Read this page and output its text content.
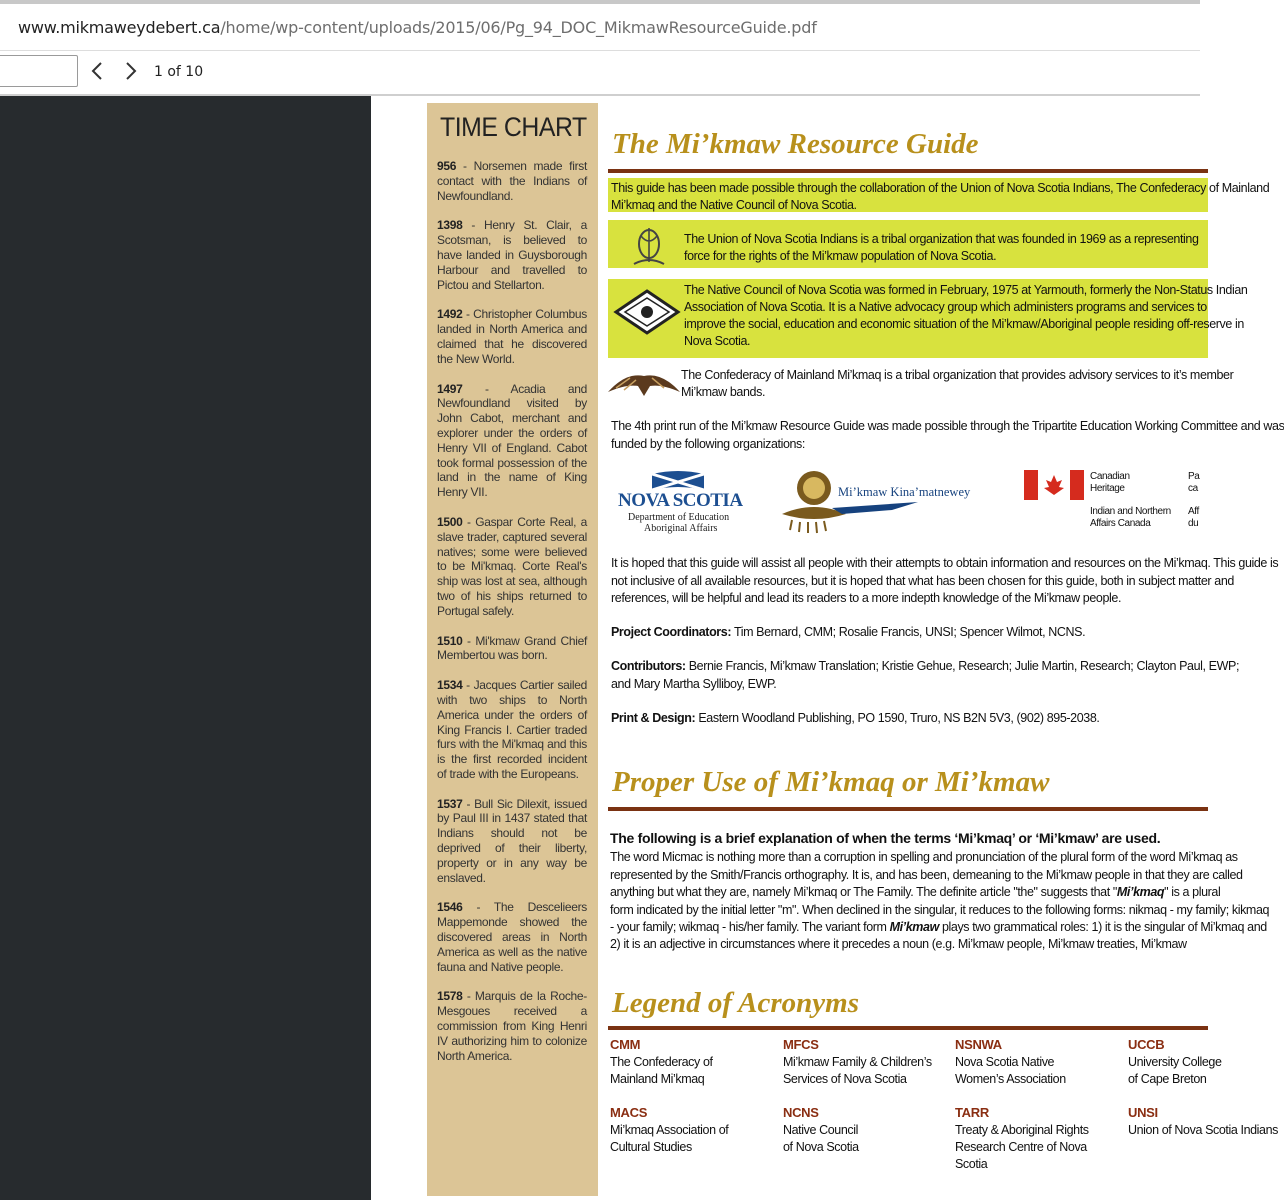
www.mikmaweydebert.ca/home/wp-content/uploads/2015/06/Pg_94_DOC_MikmawResourceGuide.pdf
1 of 10
TIME CHART
956 - Norsemen made first contact with the Indians of Newfoundland.
1398 - Henry St. Clair, a Scotsman, is believed to have landed in Guysborough Harbour and travelled to Pictou and Stellarton.
1492 - Christopher Columbus landed in North America and claimed that he discovered the New World.
1497 - Acadia and Newfoundland visited by John Cabot, merchant and explorer under the orders of Henry VII of England. Cabot took formal possession of the land in the name of King Henry VII.
1500 - Gaspar Corte Real, a slave trader, captured several natives; some were believed to be Mi'kmaq. Corte Real's ship was lost at sea, although two of his ships returned to Portugal safely.
1510 - Mi'kmaw Grand Chief Membertou was born.
1534 - Jacques Cartier sailed with two ships to North America under the orders of King Francis I. Cartier traded furs with the Mi'kmaq and this is the first recorded incident of trade with the Europeans.
1537 - Bull Sic Dilexit, issued by Paul III in 1437 stated that Indians should not be deprived of their liberty, property or in any way be enslaved.
1546 - The Descelieers Mappemonde showed the discovered areas in North America as well as the native fauna and Native people.
1578 - Marquis de la Roche-Mesgoues received a commission from King Henri IV authorizing him to colonize North America.
The Mi’kmaw Resource Guide
This guide has been made possible through the collaboration of the Union of Nova Scotia Indians, The Confederacy of Mainland
Mi’kmaq and the Native Council of Nova Scotia.
The Union of Nova Scotia Indians is a tribal organization that was founded in 1969 as a representing
force for the rights of the Mi’kmaw population of Nova Scotia.
The Native Council of Nova Scotia was formed in February, 1975 at Yarmouth, formerly the Non-Status Indian
Association of Nova Scotia. It is a Native advocacy group which administers programs and services to
improve the social, education and economic situation of the Mi’kmaw/Aboriginal people residing off-reserve in
Nova Scotia.
The Confederacy of Mainland Mi’kmaq is a tribal organization that provides advisory services to it’s member
Mi’kmaw bands.
The 4th print run of the Mi’kmaw Resource Guide was made possible through the Tripartite Education Working Committee and was
funded by the following organizations:
NOVA SCOTIA
Department of Education
Aboriginal Affairs
Mi’kmaw Kina’matnewey
Canadian
Heritage
Pa
ca
Indian and Northern
Affairs Canada
Aff
du
It is hoped that this guide will assist all people with their attempts to obtain information and resources on the Mi’kmaq. This guide is
not inclusive of all available resources, but it is hoped that what has been chosen for this guide, both in subject matter and
references, will be helpful and lead its readers to a more indepth knowledge of the Mi’kmaw people.
Project Coordinators: Tim Bernard, CMM; Rosalie Francis, UNSI; Spencer Wilmot, NCNS.
Contributors: Bernie Francis, Mi’kmaw Translation; Kristie Gehue, Research; Julie Martin, Research; Clayton Paul, EWP;
and Mary Martha Sylliboy, EWP.
Print & Design: Eastern Woodland Publishing, PO 1590, Truro, NS B2N 5V3, (902) 895-2038.
Proper Use of Mi’kmaq or Mi’kmaw
The following is a brief explanation of when the terms ‘Mi’kmaq’ or ‘Mi’kmaw’ are used.
The word Micmac is nothing more than a corruption in spelling and pronunciation of the plural form of the word Mi’kmaq as
represented by the Smith/Francis orthography. It is, and has been, demeaning to the Mi’kmaw people in that they are called
anything but what they are, namely Mi’kmaq or The Family. The definite article "the" suggests that "Mi’kmaq" is a plural
form indicated by the initial letter "m". When declined in the singular, it reduces to the following forms: nikmaq - my family; kikmaq
- your family; wikmaq - his/her family. The variant form Mi’kmaw plays two grammatical roles: 1) it is the singular of Mi’kmaq and
2) it is an adjective in circumstances where it precedes a noun (e.g. Mi’kmaw people, Mi’kmaw treaties, Mi’kmaw
Legend of Acronyms
CMM
The Confederacy of
Mainland Mi’kmaq
MFCS
Mi’kmaw Family & Children’s
Services of Nova Scotia
NSNWA
Nova Scotia Native
Women’s Association
UCCB
University College
of Cape Breton
MACS
Mi’kmaq Association of
Cultural Studies
NCNS
Native Council
of Nova Scotia
TARR
Treaty & Aboriginal Rights
Research Centre of Nova
Scotia
UNSI
Union of Nova Scotia Indians
